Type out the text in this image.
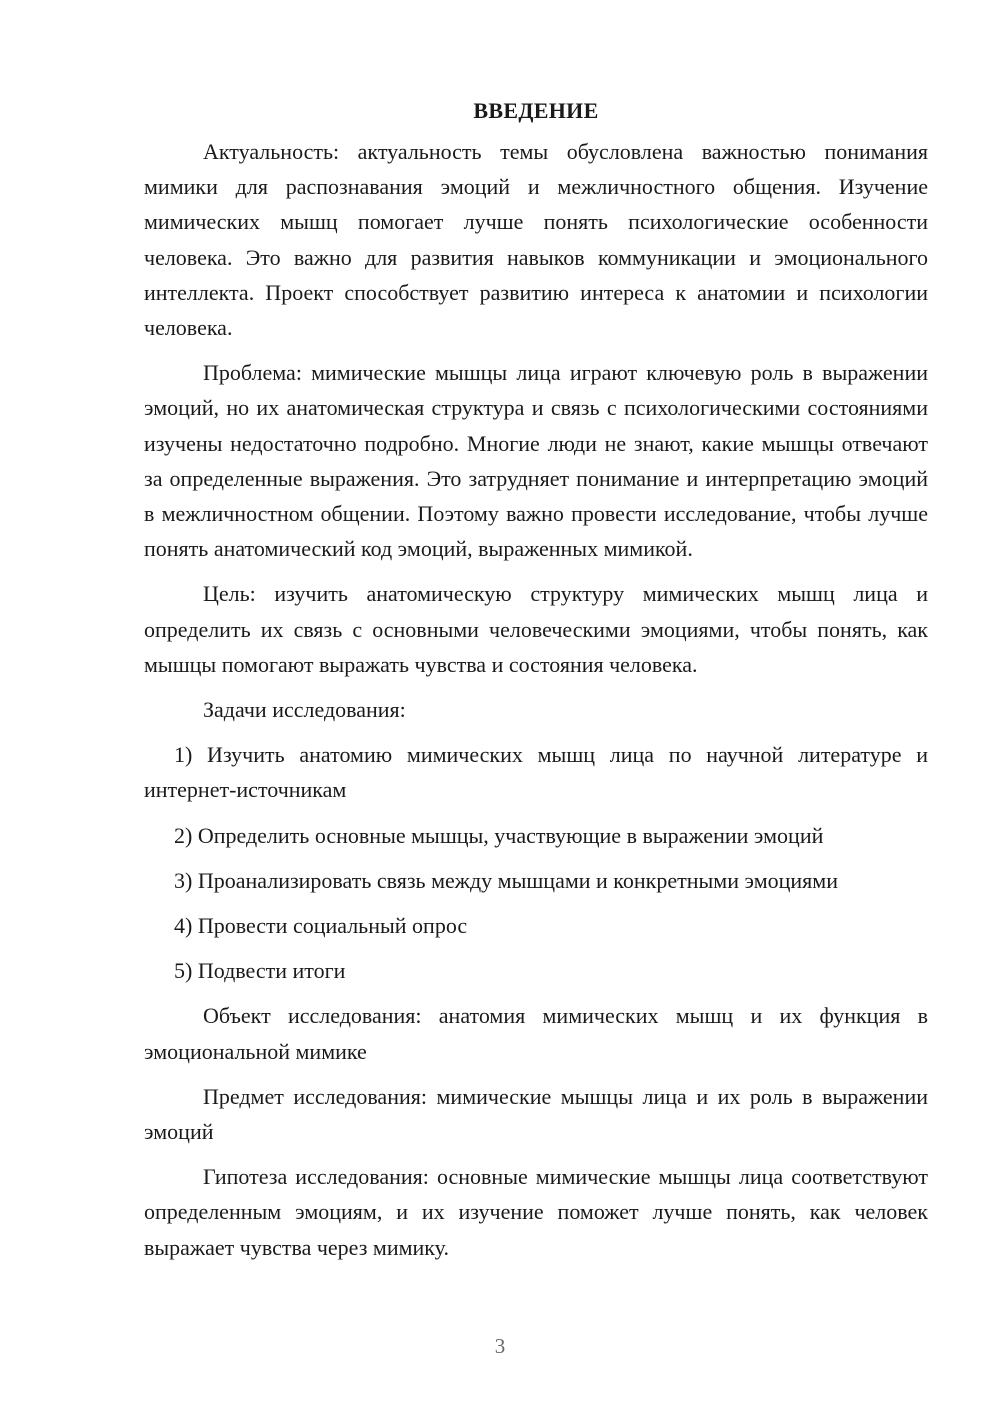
ВВЕДЕНИЕ

Актуальность: актуальность темы обусловлена важностью понимания мимики для распознавания эмоций и межличностного общения. Изучение мимических мышц помогает лучше понять психологические особенности человека. Это важно для развития навыков коммуникации и эмоционального интеллекта. Проект способствует развитию интереса к анатомии и психологии человека.

Проблема: мимические мышцы лица играют ключевую роль в выражении эмоций, но их анатомическая структура и связь с психологическими состояниями изучены недостаточно подробно. Многие люди не знают, какие мышцы отвечают за определенные выражения. Это затрудняет понимание и интерпретацию эмоций в межличностном общении. Поэтому важно провести исследование, чтобы лучше понять анатомический код эмоций, выраженных мимикой.

Цель: изучить анатомическую структуру мимических мышц лица и определить их связь с основными человеческими эмоциями, чтобы понять, как мышцы помогают выражать чувства и состояния человека.

Задачи исследования:

1) Изучить анатомию мимических мышц лица по научной литературе и интернет-источникам

2) Определить основные мышцы, участвующие в выражении эмоций

3) Проанализировать связь между мышцами и конкретными эмоциями

4) Провести социальный опрос

5) Подвести итоги

Объект исследования: анатомия мимических мышц и их функция в эмоциональной мимике

Предмет исследования: мимические мышцы лица и их роль в выражении эмоций

Гипотеза исследования: основные мимические мышцы лица соответствуют определенным эмоциям, и их изучение поможет лучше понять, как человек выражает чувства через мимику.

3
